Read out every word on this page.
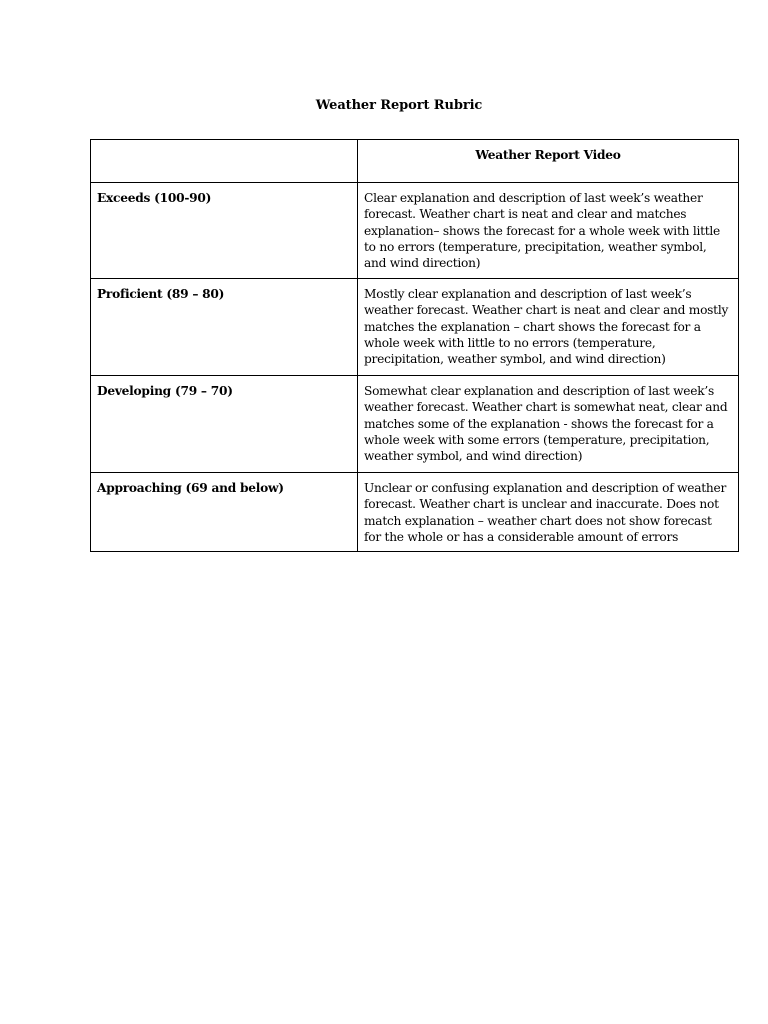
Weather Report Rubric
	Weather Report Video
Exceeds (100-90)	Clear explanation and description of last week’s weather forecast. Weather chart is neat and clear and matches explanation– shows the forecast for a whole week with little to no errors (temperature, precipitation, weather symbol, and wind direction)
Proficient (89 – 80)	Mostly clear explanation and description of last week’s weather forecast. Weather chart is neat and clear and mostly matches the explanation – chart shows the forecast for a whole week with little to no errors (temperature, precipitation, weather symbol, and wind direction)
Developing (79 – 70)	Somewhat clear explanation and description of last week’s weather forecast. Weather chart is somewhat neat, clear and matches some of the explanation - shows the forecast for a whole week with some errors (temperature, precipitation, weather symbol, and wind direction)
Approaching (69 and below)	Unclear or confusing explanation and description of weather forecast. Weather chart is unclear and inaccurate. Does not match explanation – weather chart does not show forecast for the whole or has a considerable amount of errors
